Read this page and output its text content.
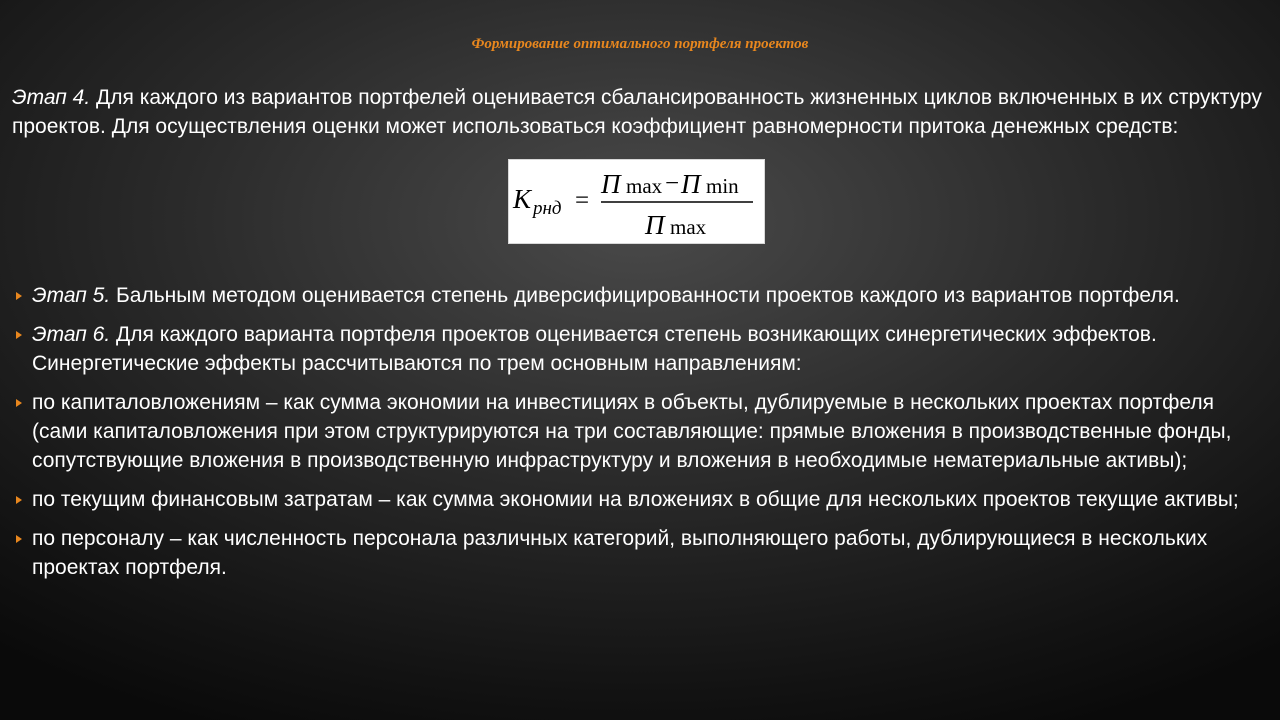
Формирование оптимального портфеля проектов
Этап 4. Для каждого из вариантов портфелей оценивается сбалансированность жизненных циклов включенных в их структуру проектов. Для осуществления оценки может использоваться коэффициент равномерности притока денежных средств:
K рнд =
П max − П min
П max
Этап 5. Бальным методом оценивается степень диверсифицированности проектов каждого из вариантов портфеля.
Этап 6. Для каждого варианта портфеля проектов оценивается степень возникающих синергетических эффектов. Синергетические эффекты рассчитываются по трем основным направлениям:
по капиталовложениям – как сумма экономии на инвестициях в объекты, дублируемые в нескольких проектах портфеля (сами капиталовложения при этом структурируются на три составляющие: прямые вложения в производственные фонды, сопутствующие вложения в производственную инфраструктуру и вложения в необходимые нематериальные активы);
по текущим финансовым затратам – как сумма экономии на вложениях в общие для нескольких проектов текущие активы;
по персоналу – как численность персонала различных категорий, выполняющего работы, дублирующиеся в нескольких проектах портфеля.
